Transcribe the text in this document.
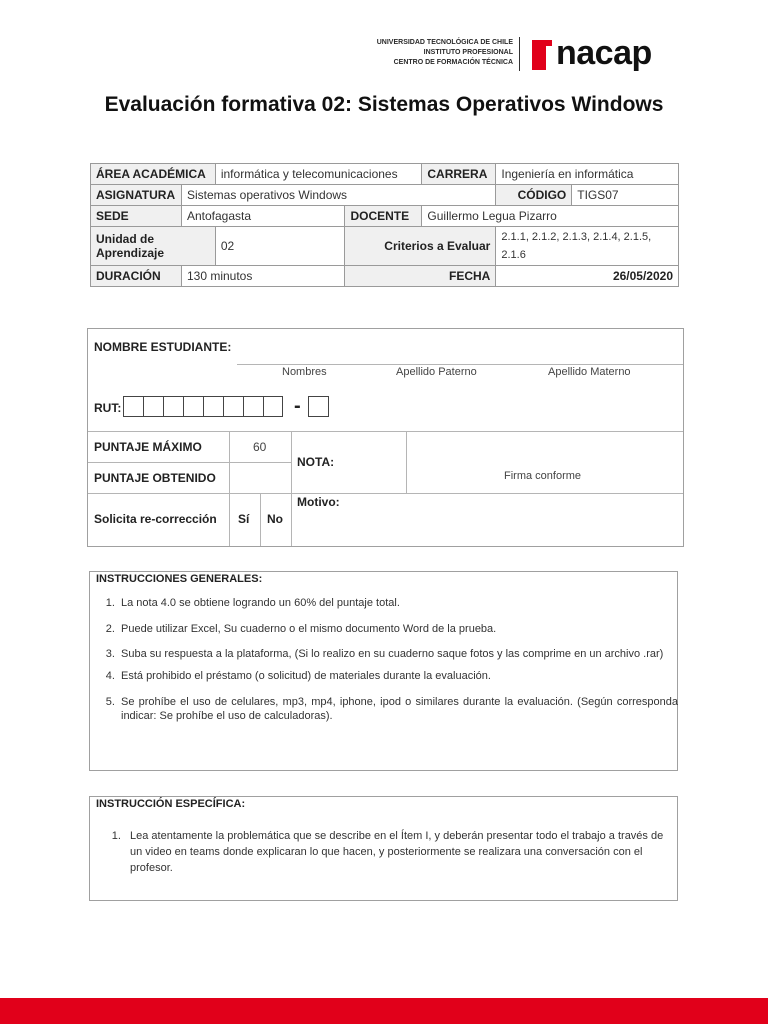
UNIVERSIDAD TECNOLÓGICA DE CHILE
INSTITUTO PROFESIONAL
CENTRO DE FORMACIÓN TÉCNICA nacap
Evaluación formativa 02: Sistemas Operativos Windows
ÁREA ACADÉMICA		informática y telecomunicaciones		CARRERA	Ingeniería en informática	
ASIGNATURA	Sistemas operativos Windows				CÓDIGO	TIGS07
SEDE	Antofagasta		DOCENTE	Guillermo Legua Pizarro		
Unidad de Aprendizaje		02	Criterios a Evaluar		2.1.1, 2.1.2, 2.1.3, 2.1.4, 2.1.5, 2.1.6	
DURACIÓN	130 minutos		FECHA		26/05/2020	
NOMBRE ESTUDIANTE:
Nombres	Apellido Paterno	Apellido Materno
RUT:	-
PUNTAJE MÁXIMO	60
PUNTAJE OBTENIDO
NOTA:
Firma conforme
Solicita re-corrección Sí No
Motivo:
INSTRUCCIONES GENERALES:
1. La nota 4.0 se obtiene logrando un 60% del puntaje total.
2. Puede utilizar Excel, Su cuaderno o el mismo documento Word de la prueba.
3. Suba su respuesta a la plataforma, (Si lo realizo en su cuaderno saque fotos y las comprime en un archivo .rar)
4. Está prohibido el préstamo (o solicitud) de materiales durante la evaluación.
5. Se prohíbe el uso de celulares, mp3, mp4, iphone, ipod o similares durante la evaluación. (Según corresponda indicar: Se prohíbe el uso de calculadoras).
INSTRUCCIÓN ESPECÍFICA:
1. Lea atentamente la problemática que se describe en el Ítem I, y deberán presentar todo el trabajo a través de un video en teams donde explicaran lo que hacen, y posteriormente se realizara una conversación con el profesor.
